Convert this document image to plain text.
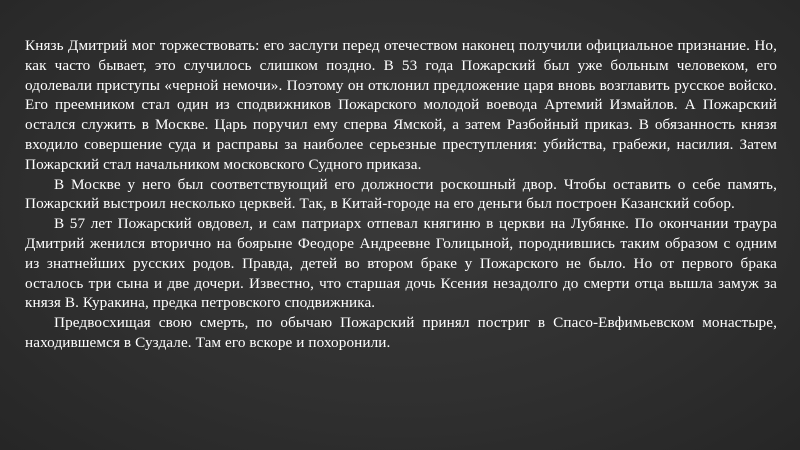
Князь Дмитрий мог торжествовать: его заслуги перед отечеством наконец получили официальное признание. Но, как часто бывает, это случилось слишком поздно. В 53 года Пожарский был уже больным человеком, его одолевали приступы «черной немочи». Поэтому он отклонил предложение царя вновь возглавить русское войско. Его преемником стал один из сподвижников Пожарского молодой воевода Артемий Измайлов. А Пожарский остался служить в Москве. Царь поручил ему сперва Ямской, а затем Разбойный приказ. В обязанность князя входило совершение суда и расправы за наиболее серьезные преступления: убийства, грабежи, насилия. Затем Пожарский стал начальником московского Судного приказа.

В Москве у него был соответствующий его должности роскошный двор. Чтобы оставить о себе память, Пожарский выстроил несколько церквей. Так, в Китай-городе на его деньги был построен Казанский собор.

В 57 лет Пожарский овдовел, и сам патриарх отпевал княгиню в церкви на Лубянке. По окончании траура Дмитрий женился вторично на боярыне Феодоре Андреевне Голицыной, породнившись таким образом с одним из знатнейших русских родов. Правда, детей во втором браке у Пожарского не было. Но от первого брака осталось три сына и две дочери. Известно, что старшая дочь Ксения незадолго до смерти отца вышла замуж за князя В. Куракина, предка петровского сподвижника.

Предвосхищая свою смерть, по обычаю Пожарский принял постриг в Спасо-Евфимьевском монастыре, находившемся в Суздале. Там его вскоре и похоронили.
